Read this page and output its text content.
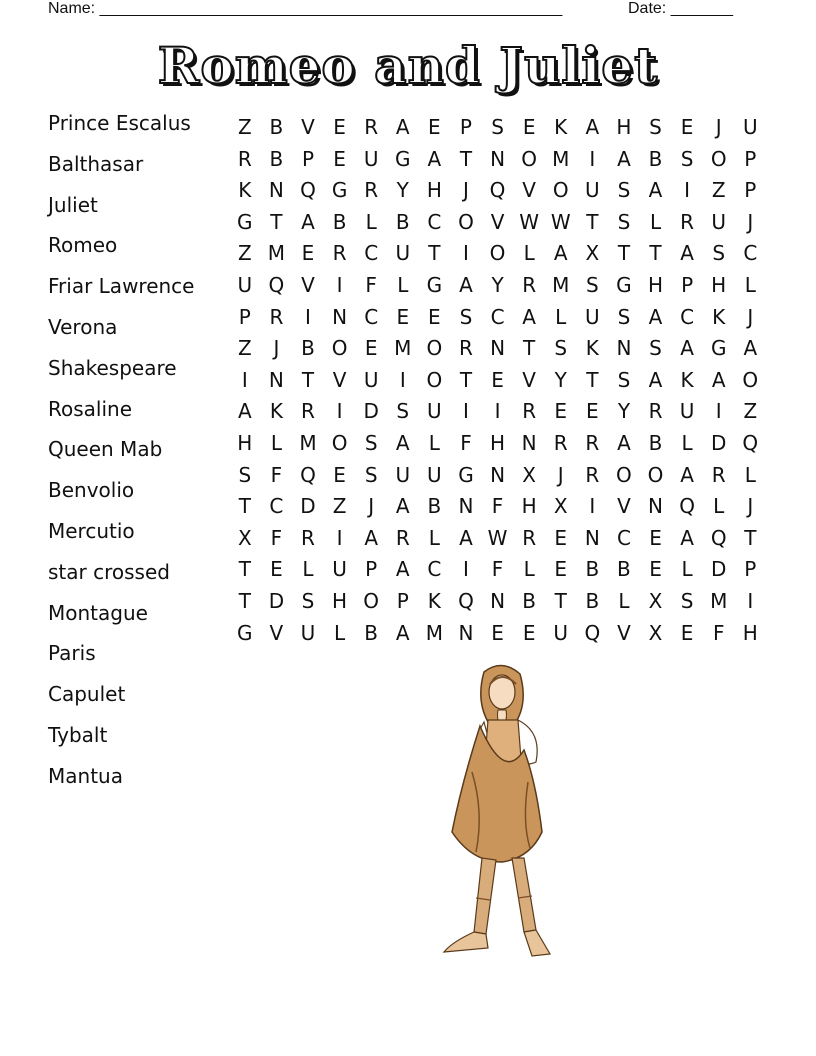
Name: ____________________________________________________	Date: _______
Romeo and Juliet
Prince Escalus
Balthasar
Juliet
Romeo
Friar Lawrence
Verona
Shakespeare
Rosaline
Queen Mab
Benvolio
Mercutio
star crossed
Montague
Paris
Capulet
Tybalt
Mantua
Z B V E R A E P S E K A H S E	J	U
R B P E U G A T N O M	I	A B S O P
K N Q G R Y H	J	Q V O U S A	I	Z P
G T A B L B C O V W W T S L R U	J
Z M E R C U T	I	O L A X T T A S C
U Q V	I	F	L G A Y R M S G H P H L
P R	I	N C E E S C A L U S A C K	J
Z	J	B O E M O R N T S K N S A G A
I	N T V U	I	O T E V Y T S A K A O
A K R	I	D S U	I	I	R E E Y R U	I	Z
H L M O S A L	F H N R R A B L D Q
S F Q E S U U G N X	J	R O O A R L
T C D Z	J	A B N F H X	I	V N Q L	J
X F R	I	A R L A W R E N C E A Q T
T E L U P A C	I	F	L E B B E L D P
T D S H O P K Q N B T B L X S M	I
G V U L B A M N E E U Q V X E F H
